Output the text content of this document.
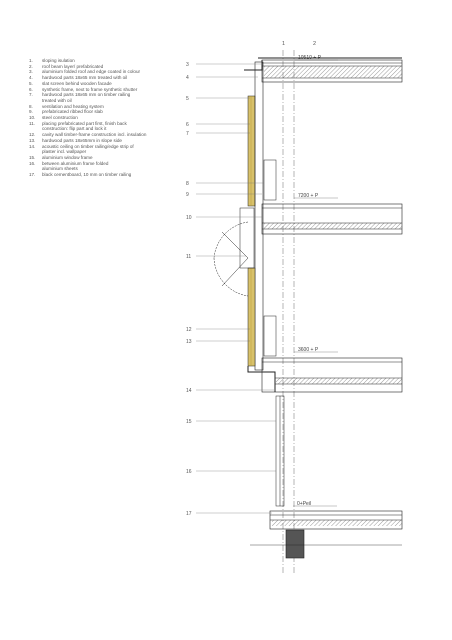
1.	sloping isulation
2.	roof beam layer/ prefabricated
3.	aluminium folded roof and edge coated in colour
4.	hardwood parts 18x65 mm treated with oil
5.	slat screen behind wooden facade
6.	synthetic frame, next to frame synthetic shutter
7.	hardwood parts 18x65 mm on timber railing
treated with oil
8.	ventilation and heating system
9.	prefabricated ribbed floor slab
10.	steel construction
11.	placing prefabricated part first, finish back
construction: flip part and lock it
12.	cavity wall timber-frame construction incl. insulation
13.	hardwood parts 18x65mm in slope side
14.	acoustic ceiling on timber railing/edge strip of
plaster incl. wallpaper
15.	aluminium window frame
16.	between aluminium frame folded
aluminium sheets
17.	black cementboard, 10 mm on timber railing
1	2
3
4
5
6
7
8
9
10
11
12
13
14
15
16
17
10510 + P
7200 + P
3600 + P
0+Peil
